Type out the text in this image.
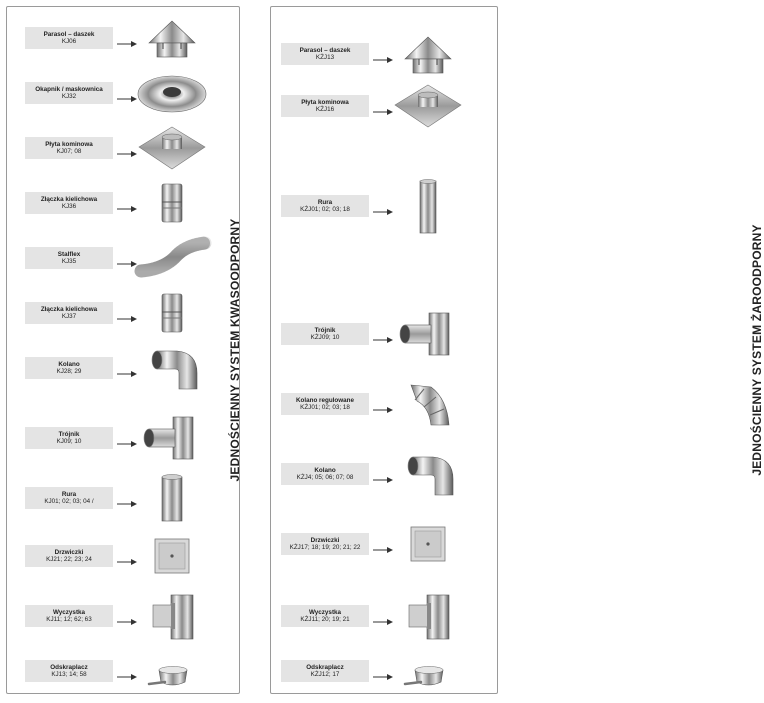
JEDNOŚCIENNY SYSTEM KWASOODPORNY
Parasol – daszek
KJ06
Okapnik / maskownica
KJ32
Płyta kominowa
KJ07; 08
Złączka kielichowa
KJ36
Stalflex
KJ35
Złączka kielichowa
KJ37
Kolano
KJ28; 29
Trójnik
KJ09; 10
Rura
KJ01; 02; 03; 04 /
Drzwiczki
KJ21; 22; 23; 24
Wyczystka
KJ11; 12; 62; 63
Odskraplacz
KJ13; 14; 58
JEDNOŚCIENNY SYSTEM ŻAROODPORNY
Parasol – daszek
KŻJ13
Płyta kominowa
KŻJ16
Rura
KŻJ01; 02; 03; 18
Trójnik
KŻJ09; 10
Kolano regulowane
KŻJ01; 02; 03; 18
Kolano
KŻJ4; 05; 06; 07; 08
Drzwiczki
KŻJ17; 18; 19; 20; 21; 22
Wyczystka
KŻJ11; 20; 19; 21
Odskraplacz
KŻJ12; 17
